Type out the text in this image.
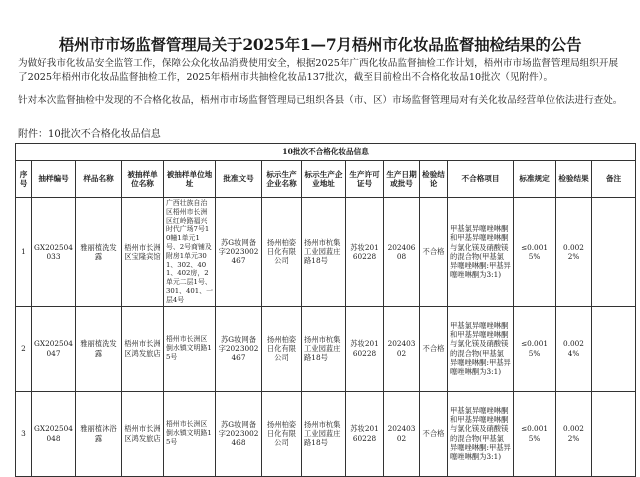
梧州市市场监督管理局关于2025年1—7月梧州市化妆品监督抽检结果的公告
为做好我市化妆品安全监管工作，保障公众化妆品消费使用安全，根据2025年广西化妆品监督抽检工作计划，梧州市市场监督管理局组织开展了2025年梧州市化妆品监督抽检工作，2025年梧州市共抽检化妆品137批次，截至目前检出不合格化妆品10批次（见附件）。
针对本次监督抽检中发现的不合格化妆品，梧州市市场监督管理局已组织各县（市、区）市场监督管理局对有关化妆品经营单位依法进行查处。
附件：10批次不合格化妆品信息
10批次不合格化妆品信息														
序号	抽样编号	样品名称	被抽样单位名称	被抽样单位地址	批准文号	标示生产企业名称	标示生产企业地址	生产许可证号	生产日期或批号	检验结论	不合格项目	标准规定	检验结果	备注
1	GX202504033	雅丽植洗发露	梧州市长洲区宝隆宾馆	广西壮族自治区梧州市长洲区红岭路福兴时代广场7号10幢1单元1号、2号商铺及附房1单元301、302、401、402房，2单元二层1号、301、401、一层4号	苏G妆网备字2023002467	扬州柏姿日化有限公司	扬州市杭集工业园蓝庄路18号	苏妆20160228	20240608	不合格	甲基氯异噻唑啉酮和甲基异噻唑啉酮与氯化镁及硝酸镁的混合物(甲基氯异噻唑啉酮:甲基异噻唑啉酮为3:1)	≤0.0015%	0.0022%	
2	GX202504047	雅丽植洗发露	梧州市长洲区鸿发旅店	梧州市长洲区倒水镇文明路15号	苏G妆网备字2023002467	扬州柏姿日化有限公司	扬州市杭集工业园蓝庄路18号	苏妆20160228	20240302	不合格	甲基氯异噻唑啉酮和甲基异噻唑啉酮与氯化镁及硝酸镁的混合物(甲基氯异噻唑啉酮:甲基异噻唑啉酮为3:1)	≤0.0015%	0.0024%	
3	GX202504048	雅丽植沐浴露	梧州市长洲区鸿发旅店	梧州市长洲区倒水镇文明路15号	苏G妆网备字2023002468	扬州柏姿日化有限公司	扬州市杭集工业园蓝庄路18号	苏妆20160228	20240302	不合格	甲基氯异噻唑啉酮和甲基异噻唑啉酮与氯化镁及硝酸镁的混合物(甲基氯异噻唑啉酮:甲基异噻唑啉酮为3:1)	≤0.0015%	0.0022%	
